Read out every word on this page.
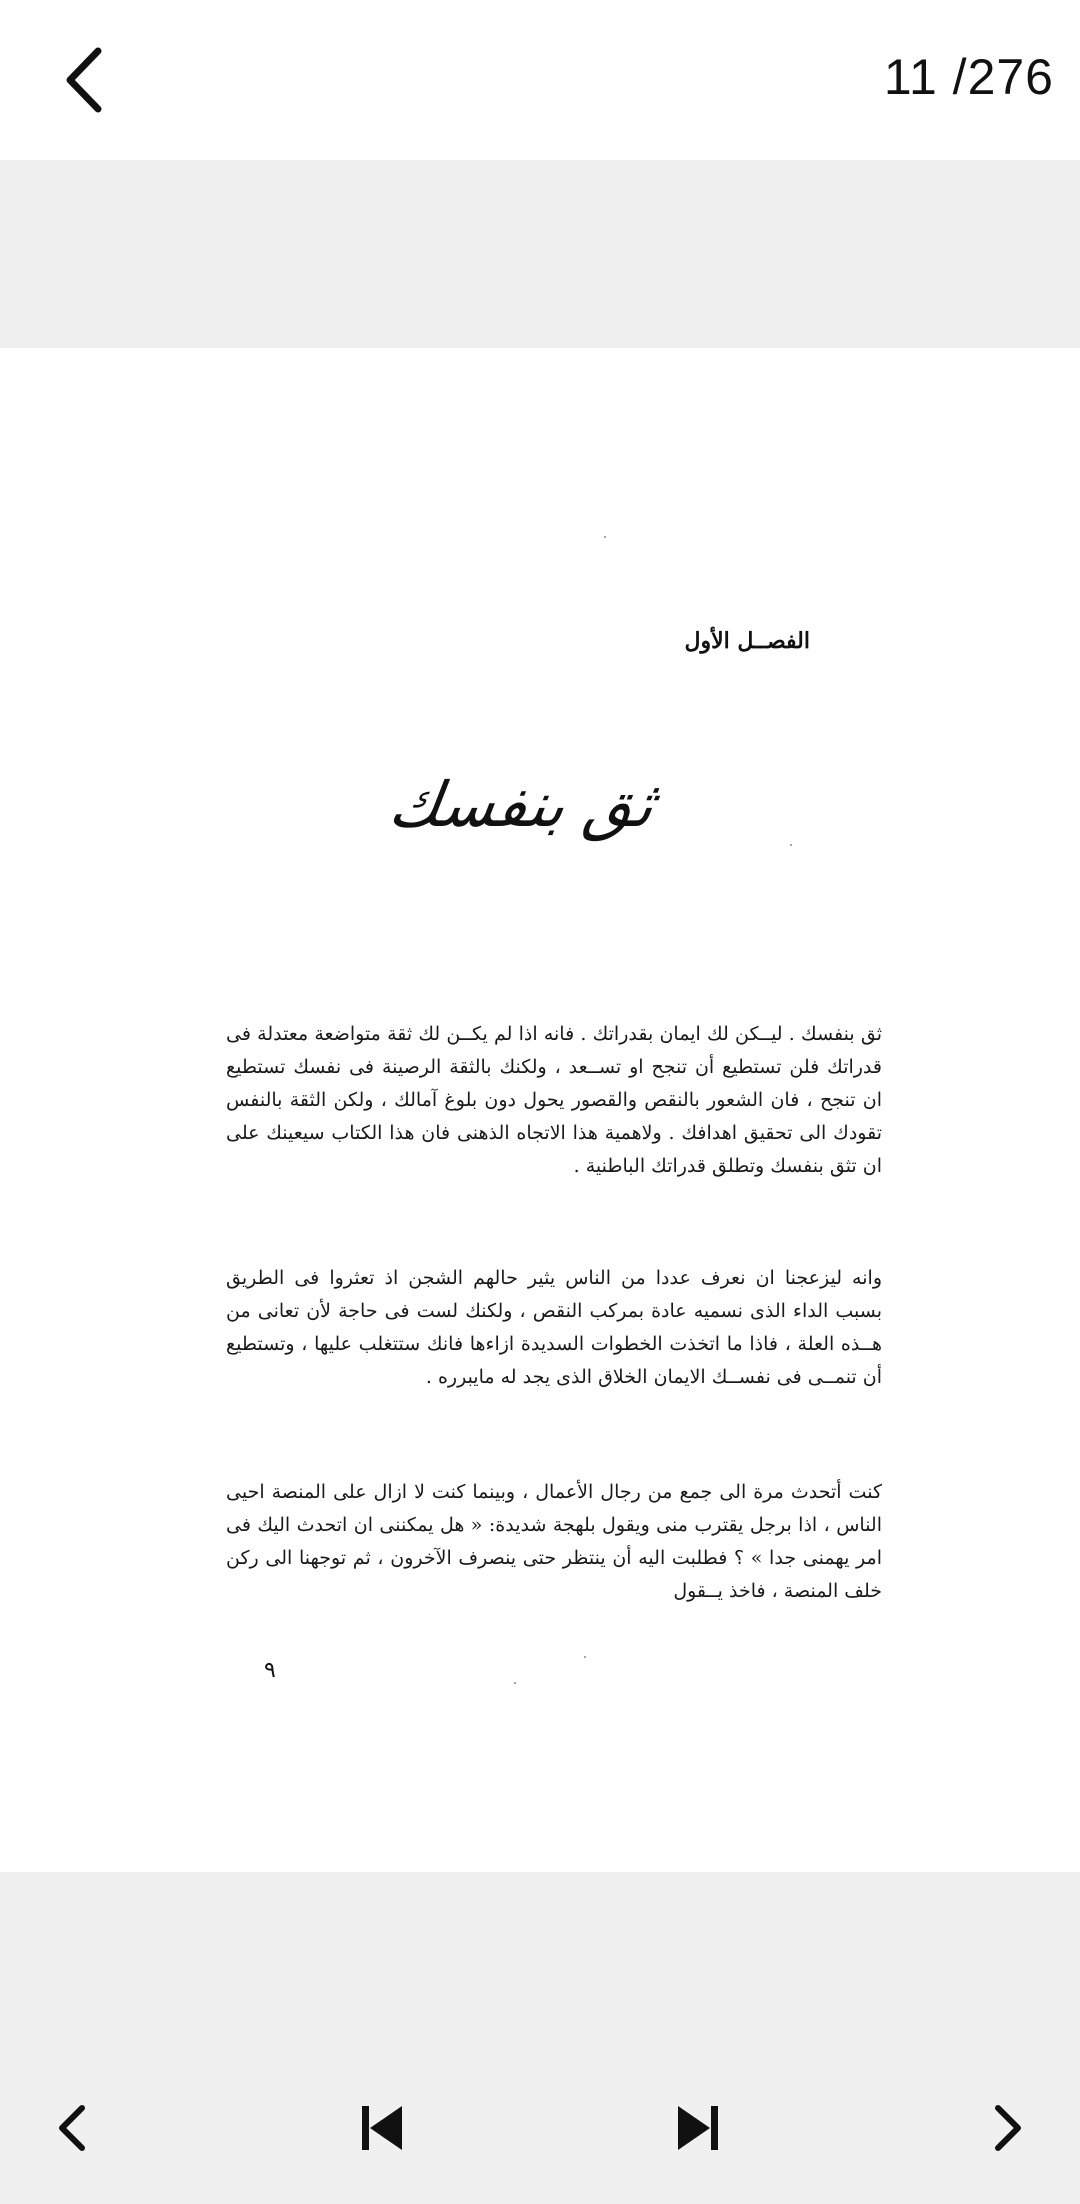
11 /276
الفصــل الأول
ثق بنفسك
ثق بنفسك . ليــكن لك ايمان بقدراتك . فانه اذا لم يكــن لك ثقة متواضعة معتدلة فى قدراتك فلن تستطيع أن تنجح او تســعد ، ولكنك بالثقة الرصينة فى نفسك تستطيع ان تنجح ، فان الشعور بالنقص والقصور يحول دون بلوغ آمالك ، ولكن الثقة بالنفس تقودك الى تحقيق اهدافك . ولاهمية هذا الاتجاه الذهنى فان هذا الكتاب سيعينك على ان تثق بنفسك وتطلق قدراتك الباطنية .
وانه ليزعجنا ان نعرف عددا من الناس يثير حالهم الشجن اذ تعثروا فى الطريق بسبب الداء الذى نسميه عادة بمركب النقص ، ولكنك لست فى حاجة لأن تعانى من هــذه العلة ، فاذا ما اتخذت الخطوات السديدة ازاءها فانك ستتغلب عليها ، وتستطيع أن تنمــى فى نفســك الايمان الخلاق الذى يجد له مايبرره .
كنت أتحدث مرة الى جمع من رجال الأعمال ، وبينما كنت لا ازال على المنصة احيى الناس ، اذا برجل يقترب منى ويقول بلهجة شديدة: « هل يمكننى ان اتحدث اليك فى امر يهمنى جدا » ؟ فطلبت اليه أن ينتظر حتى ينصرف الآخرون ، ثم توجهنا الى ركن خلف المنصة ، فاخذ يــقول
٩
